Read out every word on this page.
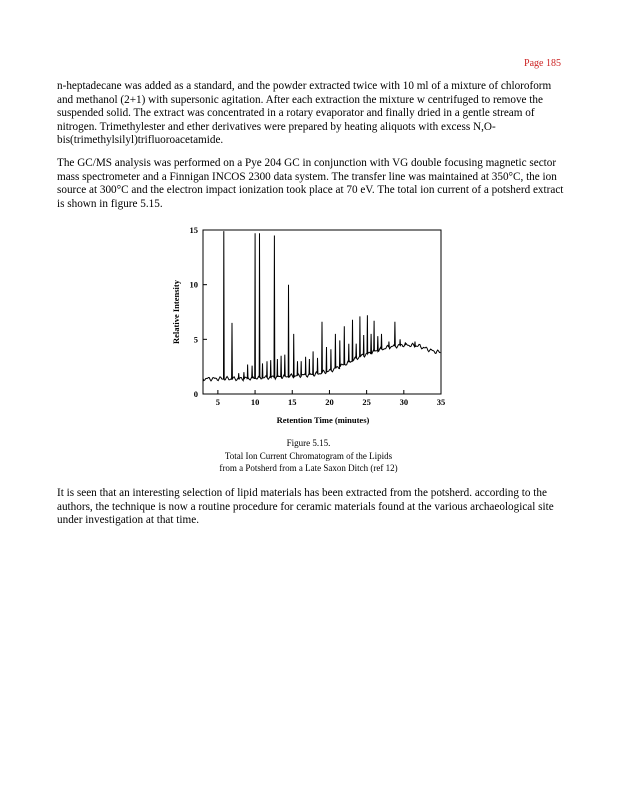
Page 185

n-heptadecane was added as a standard, and the powder extracted twice with 10 ml of a mixture of chloroform and methanol (2+1) with supersonic agitation. After each extraction the mixture w centrifuged to remove the suspended solid. The extract was concentrated in a rotary evaporator and finally dried in a gentle stream of nitrogen. Trimethylester and ether derivatives were prepared by heating aliquots with excess N,O-bis(trimethylsilyl)trifluoroacetamide.

The GC/MS analysis was performed on a Pye 204 GC in conjunction with VG double focusing magnetic sector mass spectrometer and a Finnigan INCOS 2300 data system. The transfer line was maintained at 350°C, the ion source at 300°C and the electron impact ionization took place at 70 eV. The total ion current of a potsherd extract is shown in figure 5.15.

5	10	15	20	25	30	35
0
5
10
15
Retention Time (minutes)
Relative Intensity
Figure 5.15.
Total Ion Current Chromatogram of the Lipids
from a Potsherd from a Late Saxon Ditch (ref 12)

It is seen that an interesting selection of lipid materials has been extracted from the potsherd. according to the authors, the technique is now a routine procedure for ceramic materials found at the various archaeological site under investigation at that time.
